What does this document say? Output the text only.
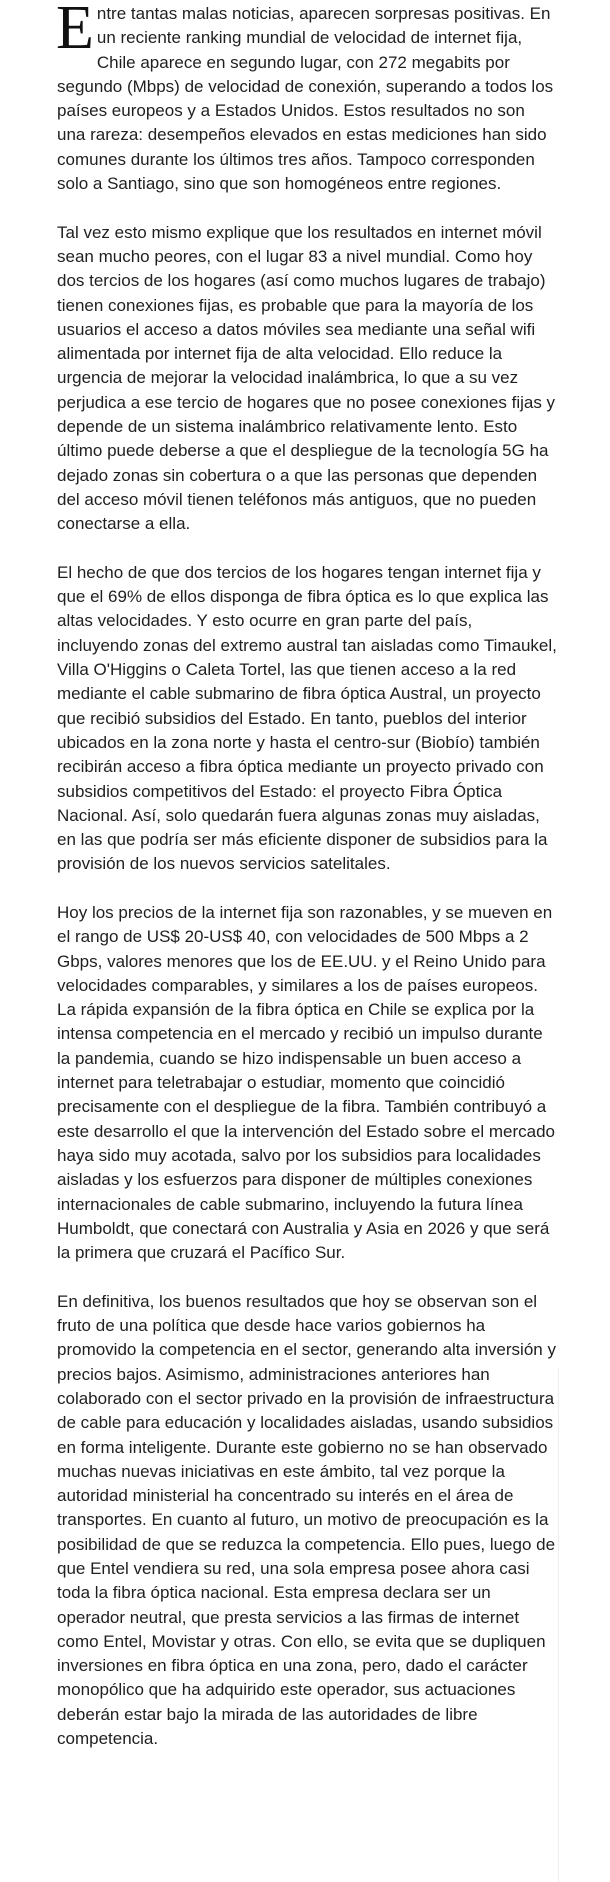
Entre tantas malas noticias, aparecen sorpresas positivas. En un reciente ranking mundial de velocidad de internet fija, Chile aparece en segundo lugar, con 272 megabits por segundo (Mbps) de velocidad de conexión, superando a todos los países europeos y a Estados Unidos. Estos resultados no son una rareza: desempeños elevados en estas mediciones han sido comunes durante los últimos tres años. Tampoco corresponden solo a Santiago, sino que son homogéneos entre regiones.

Tal vez esto mismo explique que los resultados en internet móvil sean mucho peores, con el lugar 83 a nivel mundial. Como hoy dos tercios de los hogares (así como muchos lugares de trabajo) tienen conexiones fijas, es probable que para la mayoría de los usuarios el acceso a datos móviles sea mediante una señal wifi alimentada por internet fija de alta velocidad. Ello reduce la urgencia de mejorar la velocidad inalámbrica, lo que a su vez perjudica a ese tercio de hogares que no posee conexiones fijas y depende de un sistema inalámbrico relativamente lento. Esto último puede deberse a que el despliegue de la tecnología 5G ha dejado zonas sin cobertura o a que las personas que dependen del acceso móvil tienen teléfonos más antiguos, que no pueden conectarse a ella.

El hecho de que dos tercios de los hogares tengan internet fija y que el 69% de ellos disponga de fibra óptica es lo que explica las altas velocidades. Y esto ocurre en gran parte del país, incluyendo zonas del extremo austral tan aisladas como Timaukel, Villa O'Higgins o Caleta Tortel, las que tienen acceso a la red mediante el cable submarino de fibra óptica Austral, un proyecto que recibió subsidios del Estado. En tanto, pueblos del interior ubicados en la zona norte y hasta el centro-sur (Biobío) también recibirán acceso a fibra óptica mediante un proyecto privado con subsidios competitivos del Estado: el proyecto Fibra Óptica Nacional. Así, solo quedarán fuera algunas zonas muy aisladas, en las que podría ser más eficiente disponer de subsidios para la provisión de los nuevos servicios satelitales.

Hoy los precios de la internet fija son razonables, y se mueven en el rango de US$ 20-US$ 40, con velocidades de 500 Mbps a 2 Gbps, valores menores que los de EE.UU. y el Reino Unido para velocidades comparables, y similares a los de países europeos. La rápida expansión de la fibra óptica en Chile se explica por la intensa competencia en el mercado y recibió un impulso durante la pandemia, cuando se hizo indispensable un buen acceso a internet para teletrabajar o estudiar, momento que coincidió precisamente con el despliegue de la fibra. También contribuyó a este desarrollo el que la intervención del Estado sobre el mercado haya sido muy acotada, salvo por los subsidios para localidades aisladas y los esfuerzos para disponer de múltiples conexiones internacionales de cable submarino, incluyendo la futura línea Humboldt, que conectará con Australia y Asia en 2026 y que será la primera que cruzará el Pacífico Sur.

En definitiva, los buenos resultados que hoy se observan son el fruto de una política que desde hace varios gobiernos ha promovido la competencia en el sector, generando alta inversión y precios bajos. Asimismo, administraciones anteriores han colaborado con el sector privado en la provisión de infraestructura de cable para educación y localidades aisladas, usando subsidios en forma inteligente. Durante este gobierno no se han observado muchas nuevas iniciativas en este ámbito, tal vez porque la autoridad ministerial ha concentrado su interés en el área de transportes. En cuanto al futuro, un motivo de preocupación es la posibilidad de que se reduzca la competencia. Ello pues, luego de que Entel vendiera su red, una sola empresa posee ahora casi toda la fibra óptica nacional. Esta empresa declara ser un operador neutral, que presta servicios a las firmas de internet como Entel, Movistar y otras. Con ello, se evita que se dupliquen inversiones en fibra óptica en una zona, pero, dado el carácter monopólico que ha adquirido este operador, sus actuaciones deberán estar bajo la mirada de las autoridades de libre competencia.
